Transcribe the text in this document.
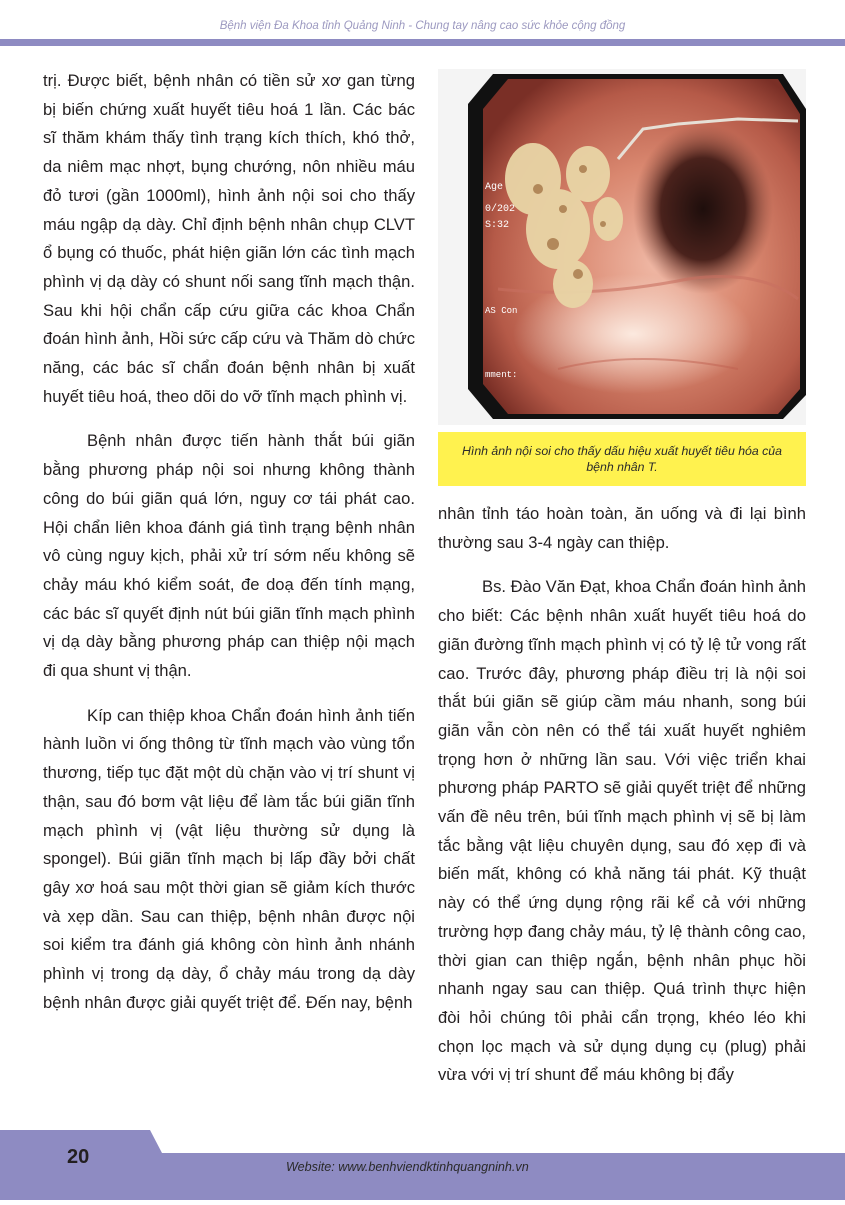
Bệnh viện Đa Khoa tỉnh Quảng Ninh - Chung tay nâng cao sức khỏe cộng đồng

trị. Được biết, bệnh nhân có tiền sử xơ gan từng bị biến chứng xuất huyết tiêu hoá 1 lần. Các bác sĩ thăm khám thấy tình trạng kích thích, khó thở, da niêm mạc nhợt, bụng chướng, nôn nhiều máu đỏ tươi (gần 1000ml), hình ảnh nội soi cho thấy máu ngập dạ dày. Chỉ định bệnh nhân chụp CLVT ổ bụng có thuốc, phát hiện giãn lớn các tình mạch phình vị dạ dày có shunt nối sang tĩnh mạch thận. Sau khi hội chẩn cấp cứu giữa các khoa Chẩn đoán hình ảnh, Hồi sức cấp cứu và Thăm dò chức năng, các bác sĩ chẩn đoán bệnh nhân bị xuất huyết tiêu hoá, theo dõi do vỡ tĩnh mạch phình vị.

Bệnh nhân được tiến hành thắt búi giãn bằng phương pháp nội soi nhưng không thành công do búi giãn quá lớn, nguy cơ tái phát cao. Hội chẩn liên khoa đánh giá tình trạng bệnh nhân vô cùng nguy kịch, phải xử trí sớm nếu không sẽ chảy máu khó kiểm soát, đe doạ đến tính mạng, các bác sĩ quyết định nút búi giãn tĩnh mạch phình vị dạ dày bằng phương pháp can thiệp nội mạch đi qua shunt vị thận.

Kíp can thiệp khoa Chẩn đoán hình ảnh tiến hành luồn vi ống thông từ tĩnh mạch vào vùng tổn thương, tiếp tục đặt một dù chặn vào vị trí shunt vị thận, sau đó bơm vật liệu để làm tắc búi giãn tĩnh mạch phình vị (vật liệu thường sử dụng là spongel). Búi giãn tĩnh mạch bị lấp đầy bởi chất gây xơ hoá sau một thời gian sẽ giảm kích thước và xẹp dần. Sau can thiệp, bệnh nhân được nội soi kiểm tra đánh giá không còn hình ảnh nhánh phình vị trong dạ dày, ổ chảy máu trong dạ dày bệnh nhân được giải quyết triệt để. Đến nay, bệnh

Age
0/202
S:32
AS Con
mment:
Hình ảnh nội soi cho thấy dấu hiệu xuất huyết tiêu hóa của bệnh nhân T.

nhân tỉnh táo hoàn toàn, ăn uống và đi lại bình thường sau 3-4 ngày can thiệp.

Bs. Đào Văn Đạt, khoa Chẩn đoán hình ảnh cho biết: Các bệnh nhân xuất huyết tiêu hoá do giãn đường tĩnh mạch phình vị có tỷ lệ tử vong rất cao. Trước đây, phương pháp điều trị là nội soi thắt búi giãn sẽ giúp cầm máu nhanh, song búi giãn vẫn còn nên có thể tái xuất huyết nghiêm trọng hơn ở những lần sau. Với việc triển khai phương pháp PARTO sẽ giải quyết triệt để những vấn đề nêu trên, búi tĩnh mạch phình vị sẽ bị làm tắc bằng vật liệu chuyên dụng, sau đó xẹp đi và biến mất, không có khả năng tái phát. Kỹ thuật này có thể ứng dụng rộng rãi kể cả với những trường hợp đang chảy máu, tỷ lệ thành công cao, thời gian can thiệp ngắn, bệnh nhân phục hồi nhanh ngay sau can thiệp. Quá trình thực hiện đòi hỏi chúng tôi phải cẩn trọng, khéo léo khi chọn lọc mạch và sử dụng dụng cụ (plug) phải vừa với vị trí shunt để máu không bị đẩy

20	Website: www.benhviendktinhquangninh.vn
